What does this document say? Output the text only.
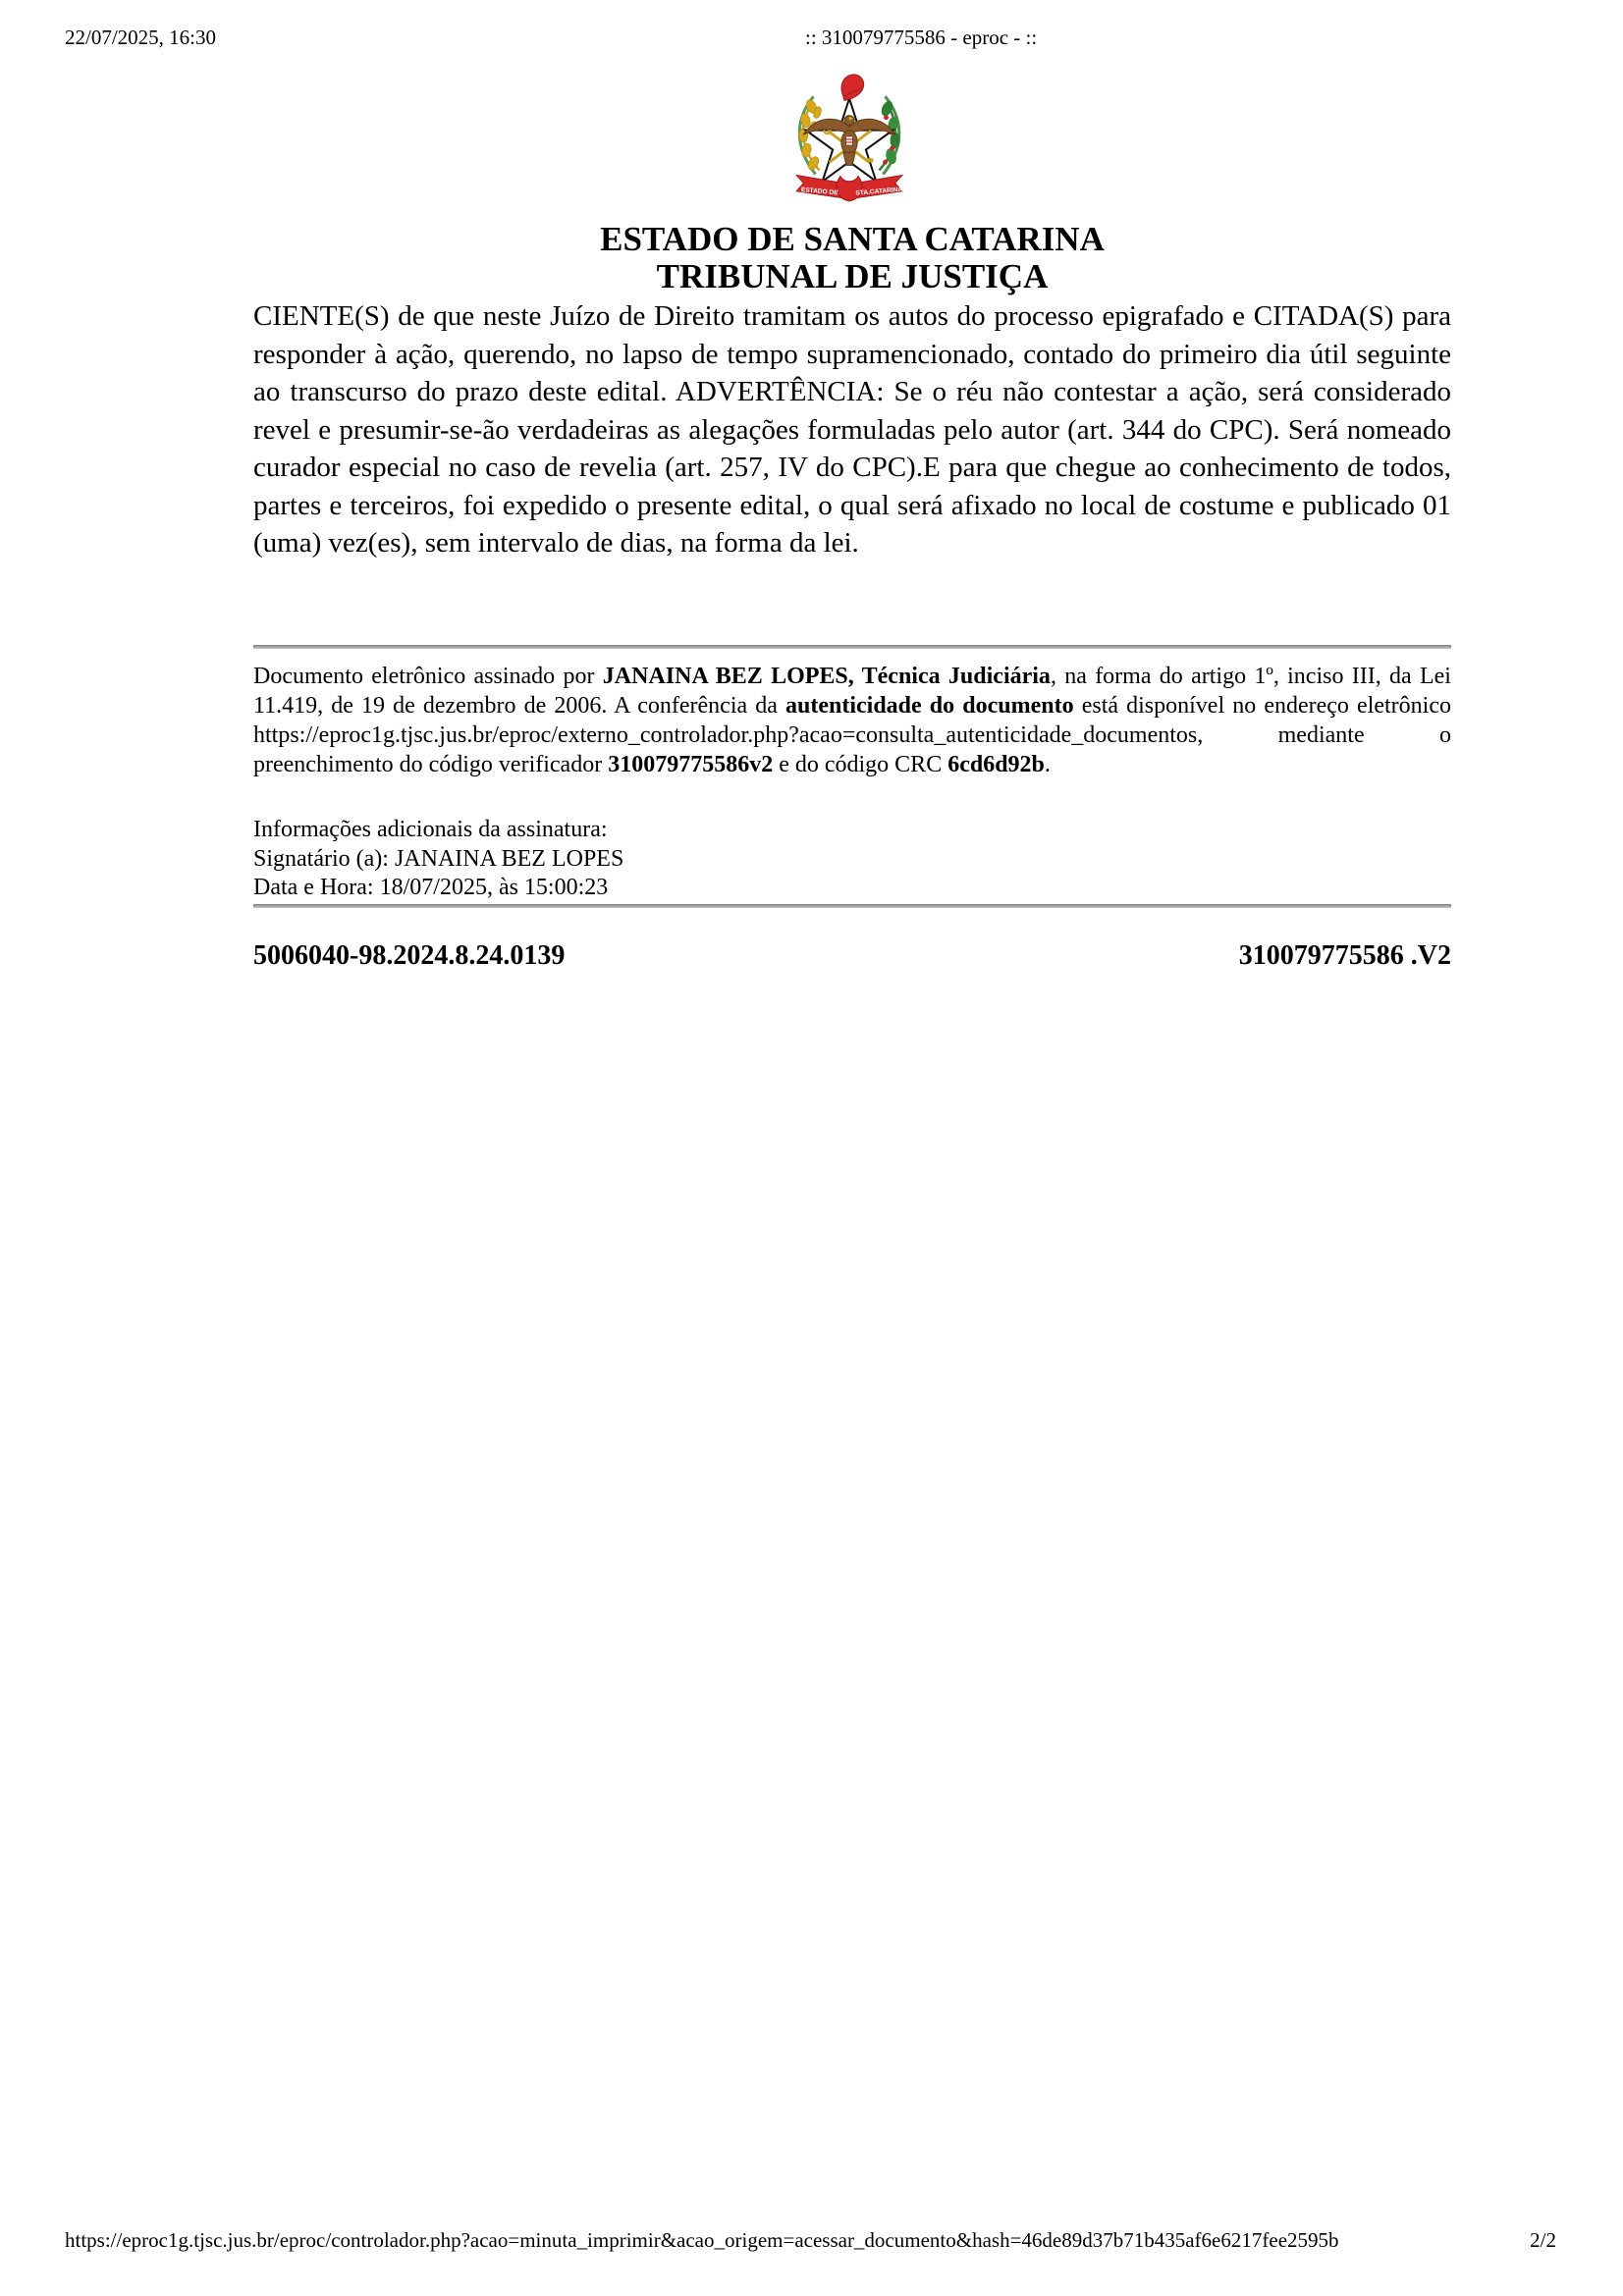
22/07/2025, 16:30	:: 310079775586 - eproc - ::
ESTADO DE	STA.CATARINA
ESTADO DE SANTA CATARINA
TRIBUNAL DE JUSTIÇA
CIENTE(S) de que neste Juízo de Direito tramitam os autos do processo epigrafado e CITADA(S) para responder à ação, querendo, no lapso de tempo supramencionado, contado do primeiro dia útil seguinte ao transcurso do prazo deste edital. ADVERTÊNCIA: Se o réu não contestar a ação, será considerado revel e presumir-se-ão verdadeiras as alegações formuladas pelo autor (art. 344 do CPC). Será nomeado curador especial no caso de revelia (art. 257, IV do CPC).E para que chegue ao conhecimento de todos, partes e terceiros, foi expedido o presente edital, o qual será afixado no local de costume e publicado 01 (uma) vez(es), sem intervalo de dias, na forma da lei.
Documento eletrônico assinado por JANAINA BEZ LOPES, Técnica Judiciária, na forma do artigo 1º, inciso III, da Lei 11.419, de 19 de dezembro de 2006. A conferência da autenticidade do documento está disponível no endereço eletrônico https://eproc1g.tjsc.jus.br/eproc/externo_controlador.php?acao=consulta_autenticidade_documentos, mediante o preenchimento do código verificador 310079775586v2 e do código CRC 6cd6d92b.
Informações adicionais da assinatura:
Signatário (a): JANAINA BEZ LOPES
Data e Hora: 18/07/2025, às 15:00:23
5006040-98.2024.8.24.0139	310079775586 .V2
https://eproc1g.tjsc.jus.br/eproc/controlador.php?acao=minuta_imprimir&acao_origem=acessar_documento&hash=46de89d37b71b435af6e6217fee2595b	2/2
